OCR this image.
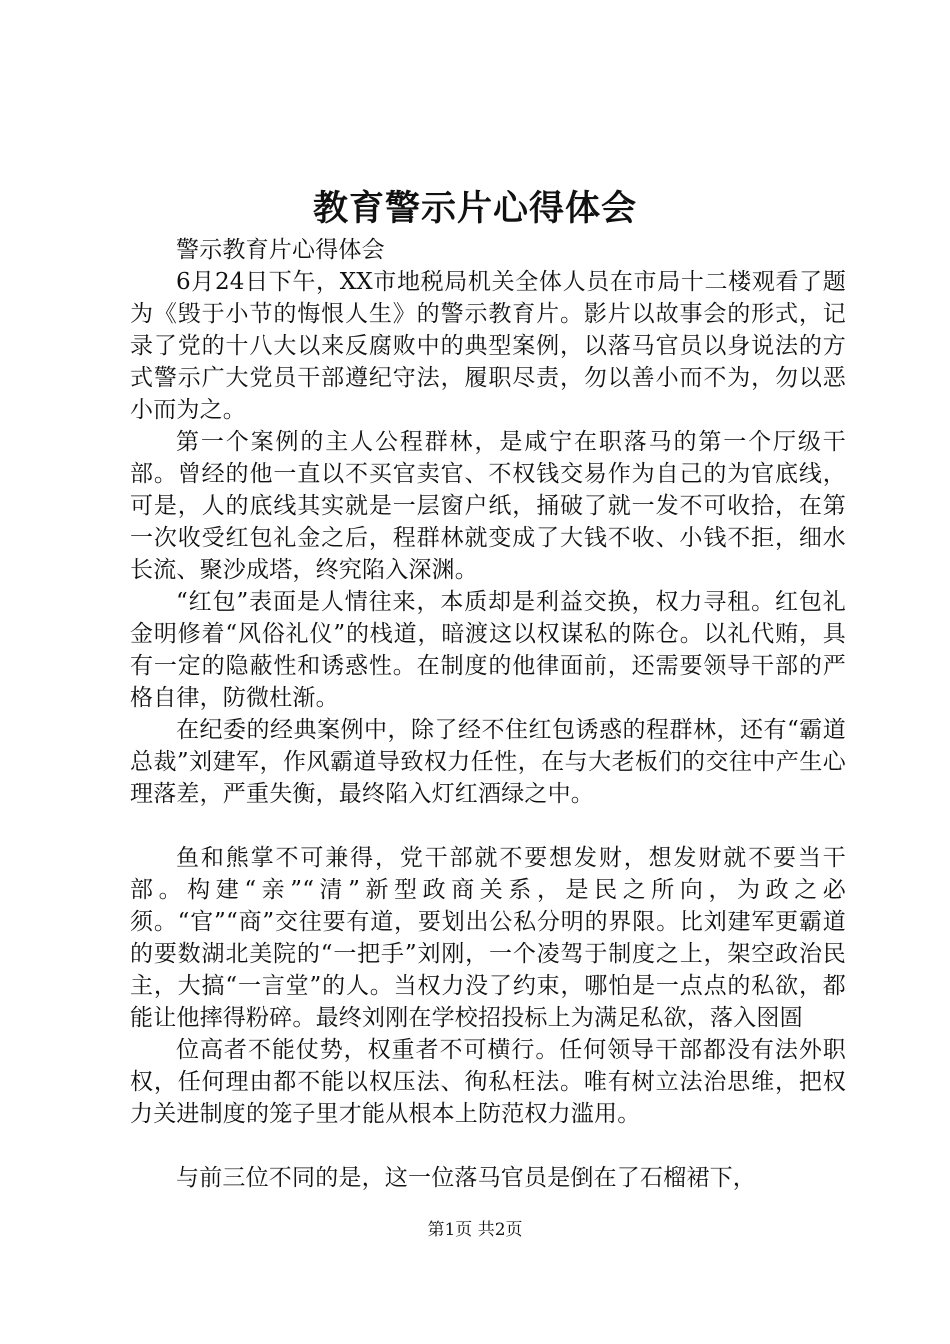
教育警示片心得体会

警示教育片心得体会

6月24日下午，XX市地税局机关全体人员在市局十二楼观看了题为《毁于小节的悔恨人生》的警示教育片。影片以故事会的形式，记录了党的十八大以来反腐败中的典型案例，以落马官员以身说法的方式警示广大党员干部遵纪守法，履职尽责，勿以善小而不为，勿以恶小而为之。

第一个案例的主人公程群林，是咸宁在职落马的第一个厅级干部。曾经的他一直以不买官卖官、不权钱交易作为自己的为官底线，可是，人的底线其实就是一层窗户纸，捅破了就一发不可收拾，在第一次收受红包礼金之后，程群林就变成了大钱不收、小钱不拒，细水长流、聚沙成塔，终究陷入深渊。

“红包”表面是人情往来，本质却是利益交换，权力寻租。红包礼金明修着“风俗礼仪”的栈道，暗渡这以权谋私的陈仓。以礼代贿，具有一定的隐蔽性和诱惑性。在制度的他律面前，还需要领导干部的严格自律，防微杜渐。

在纪委的经典案例中，除了经不住红包诱惑的程群林，还有“霸道总裁”刘建军，作风霸道导致权力任性，在与大老板们的交往中产生心理落差，严重失衡，最终陷入灯红酒绿之中。

鱼和熊掌不可兼得，党干部就不要想发财，想发财就不要当干部。构建“亲”“清”新型政商关系，是民之所向，为政之必须。“官”“商”交往要有道，要划出公私分明的界限。比刘建军更霸道的要数湖北美院的“一把手”刘刚，一个凌驾于制度之上，架空政治民主，大搞“一言堂”的人。当权力没了约束，哪怕是一点点的私欲，都能让他摔得粉碎。最终刘刚在学校招投标上为满足私欲，落入囹圄

位高者不能仗势，权重者不可横行。任何领导干部都没有法外职权，任何理由都不能以权压法、徇私枉法。唯有树立法治思维，把权力关进制度的笼子里才能从根本上防范权力滥用。

与前三位不同的是，这一位落马官员是倒在了石榴裙下，

第1页 共2页
